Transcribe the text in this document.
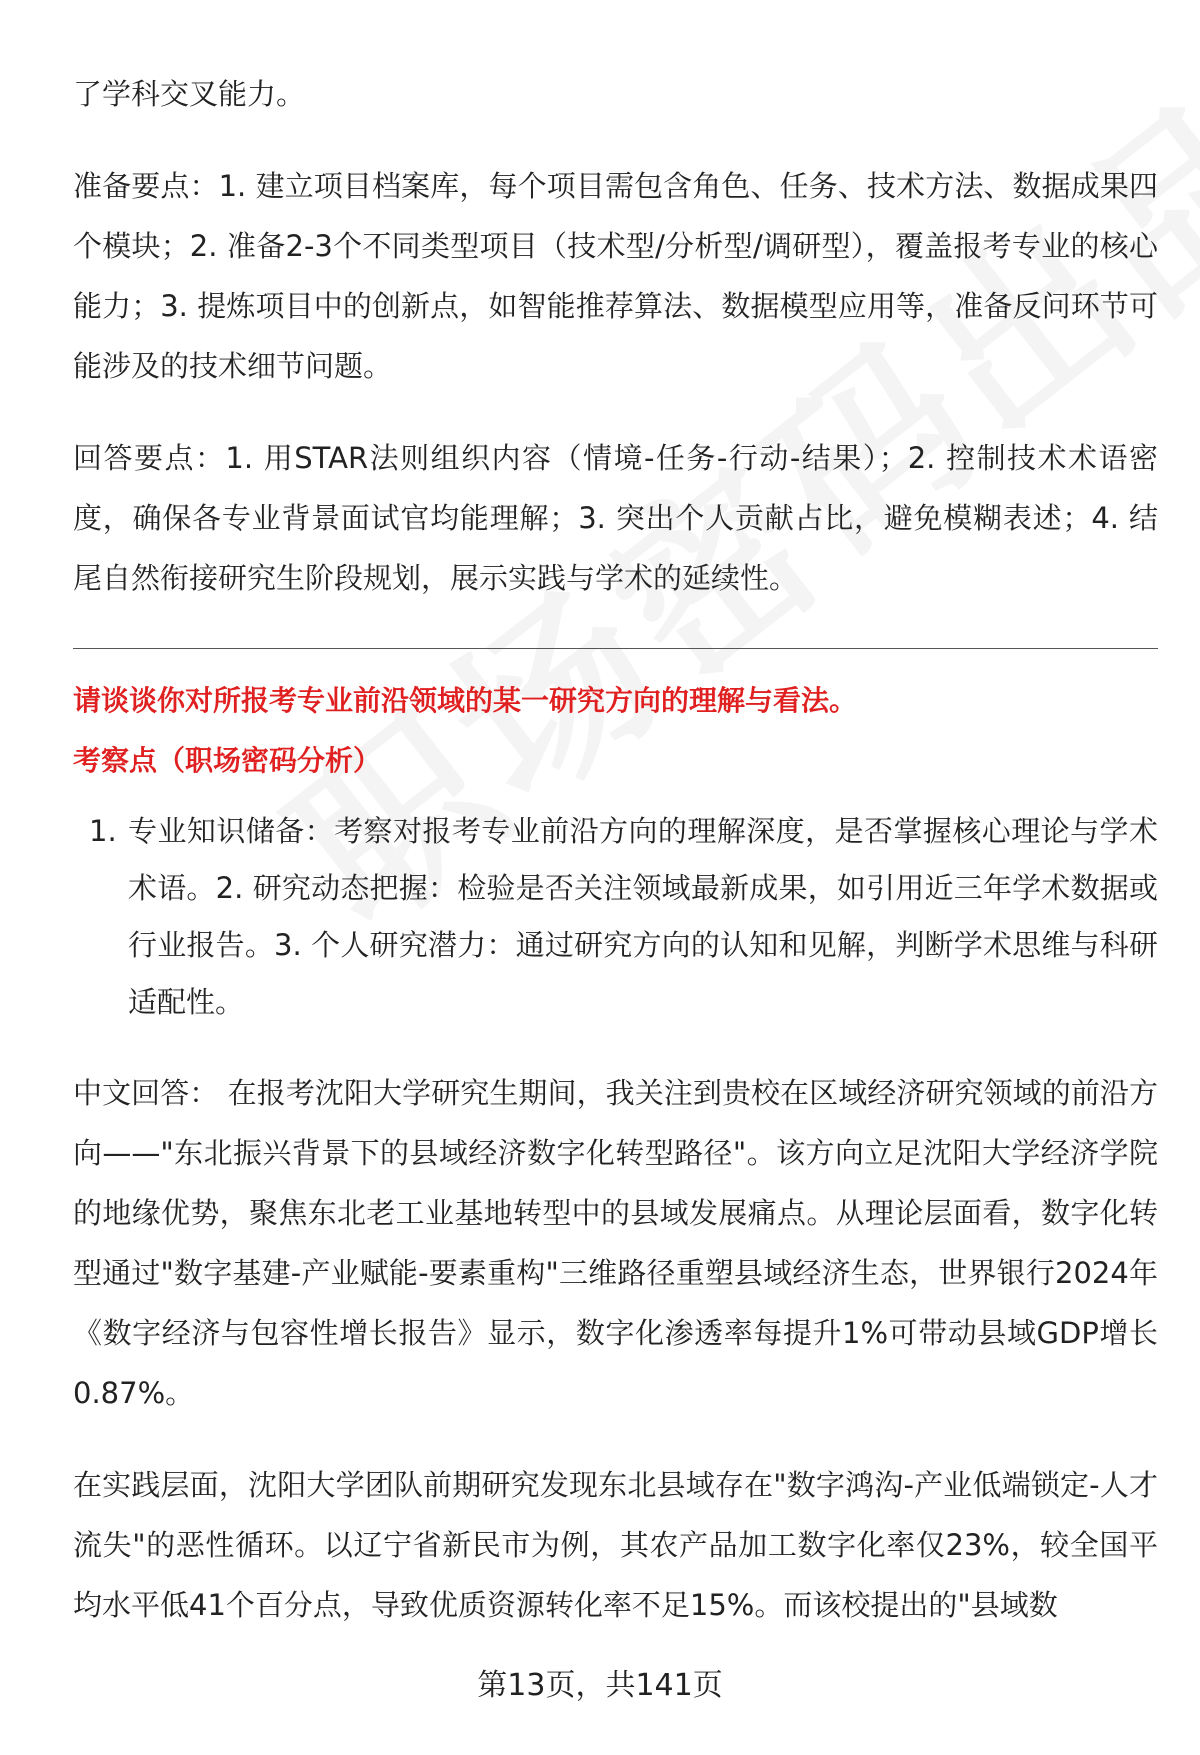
了学科交叉能力。

准备要点：1. 建立项目档案库，每个项目需包含角色、任务、技术方法、数据成果四个模块；2. 准备2-3个不同类型项目（技术型/分析型/调研型），覆盖报考专业的核心能力；3. 提炼项目中的创新点，如智能推荐算法、数据模型应用等，准备反问环节可能涉及的技术细节问题。

回答要点：1. 用STAR法则组织内容（情境-任务-行动-结果）；2. 控制技术术语密度，确保各专业背景面试官均能理解；3. 突出个人贡献占比，避免模糊表述；4. 结尾自然衔接研究生阶段规划，展示实践与学术的延续性。

请谈谈你对所报考专业前沿领域的某一研究方向的理解与看法。

考察点（职场密码分析）

1. 专业知识储备：考察对报考专业前沿方向的理解深度，是否掌握核心理论与学术术语。2. 研究动态把握：检验是否关注领域最新成果，如引用近三年学术数据或行业报告。3. 个人研究潜力：通过研究方向的认知和见解，判断学术思维与科研适配性。

中文回答： 在报考沈阳大学研究生期间，我关注到贵校在区域经济研究领域的前沿方向——"东北振兴背景下的县域经济数字化转型路径"。该方向立足沈阳大学经济学院的地缘优势，聚焦东北老工业基地转型中的县域发展痛点。从理论层面看，数字化转型通过"数字基建-产业赋能-要素重构"三维路径重塑县域经济生态，世界银行2024年《数字经济与包容性增长报告》显示，数字化渗透率每提升1%可带动县域GDP增长0.87%。

在实践层面，沈阳大学团队前期研究发现东北县域存在"数字鸿沟-产业低端锁定-人才流失"的恶性循环。以辽宁省新民市为例，其农产品加工数字化率仅23%，较全国平均水平低41个百分点，导致优质资源转化率不足15%。而该校提出的"县域数

第13页，共141页
